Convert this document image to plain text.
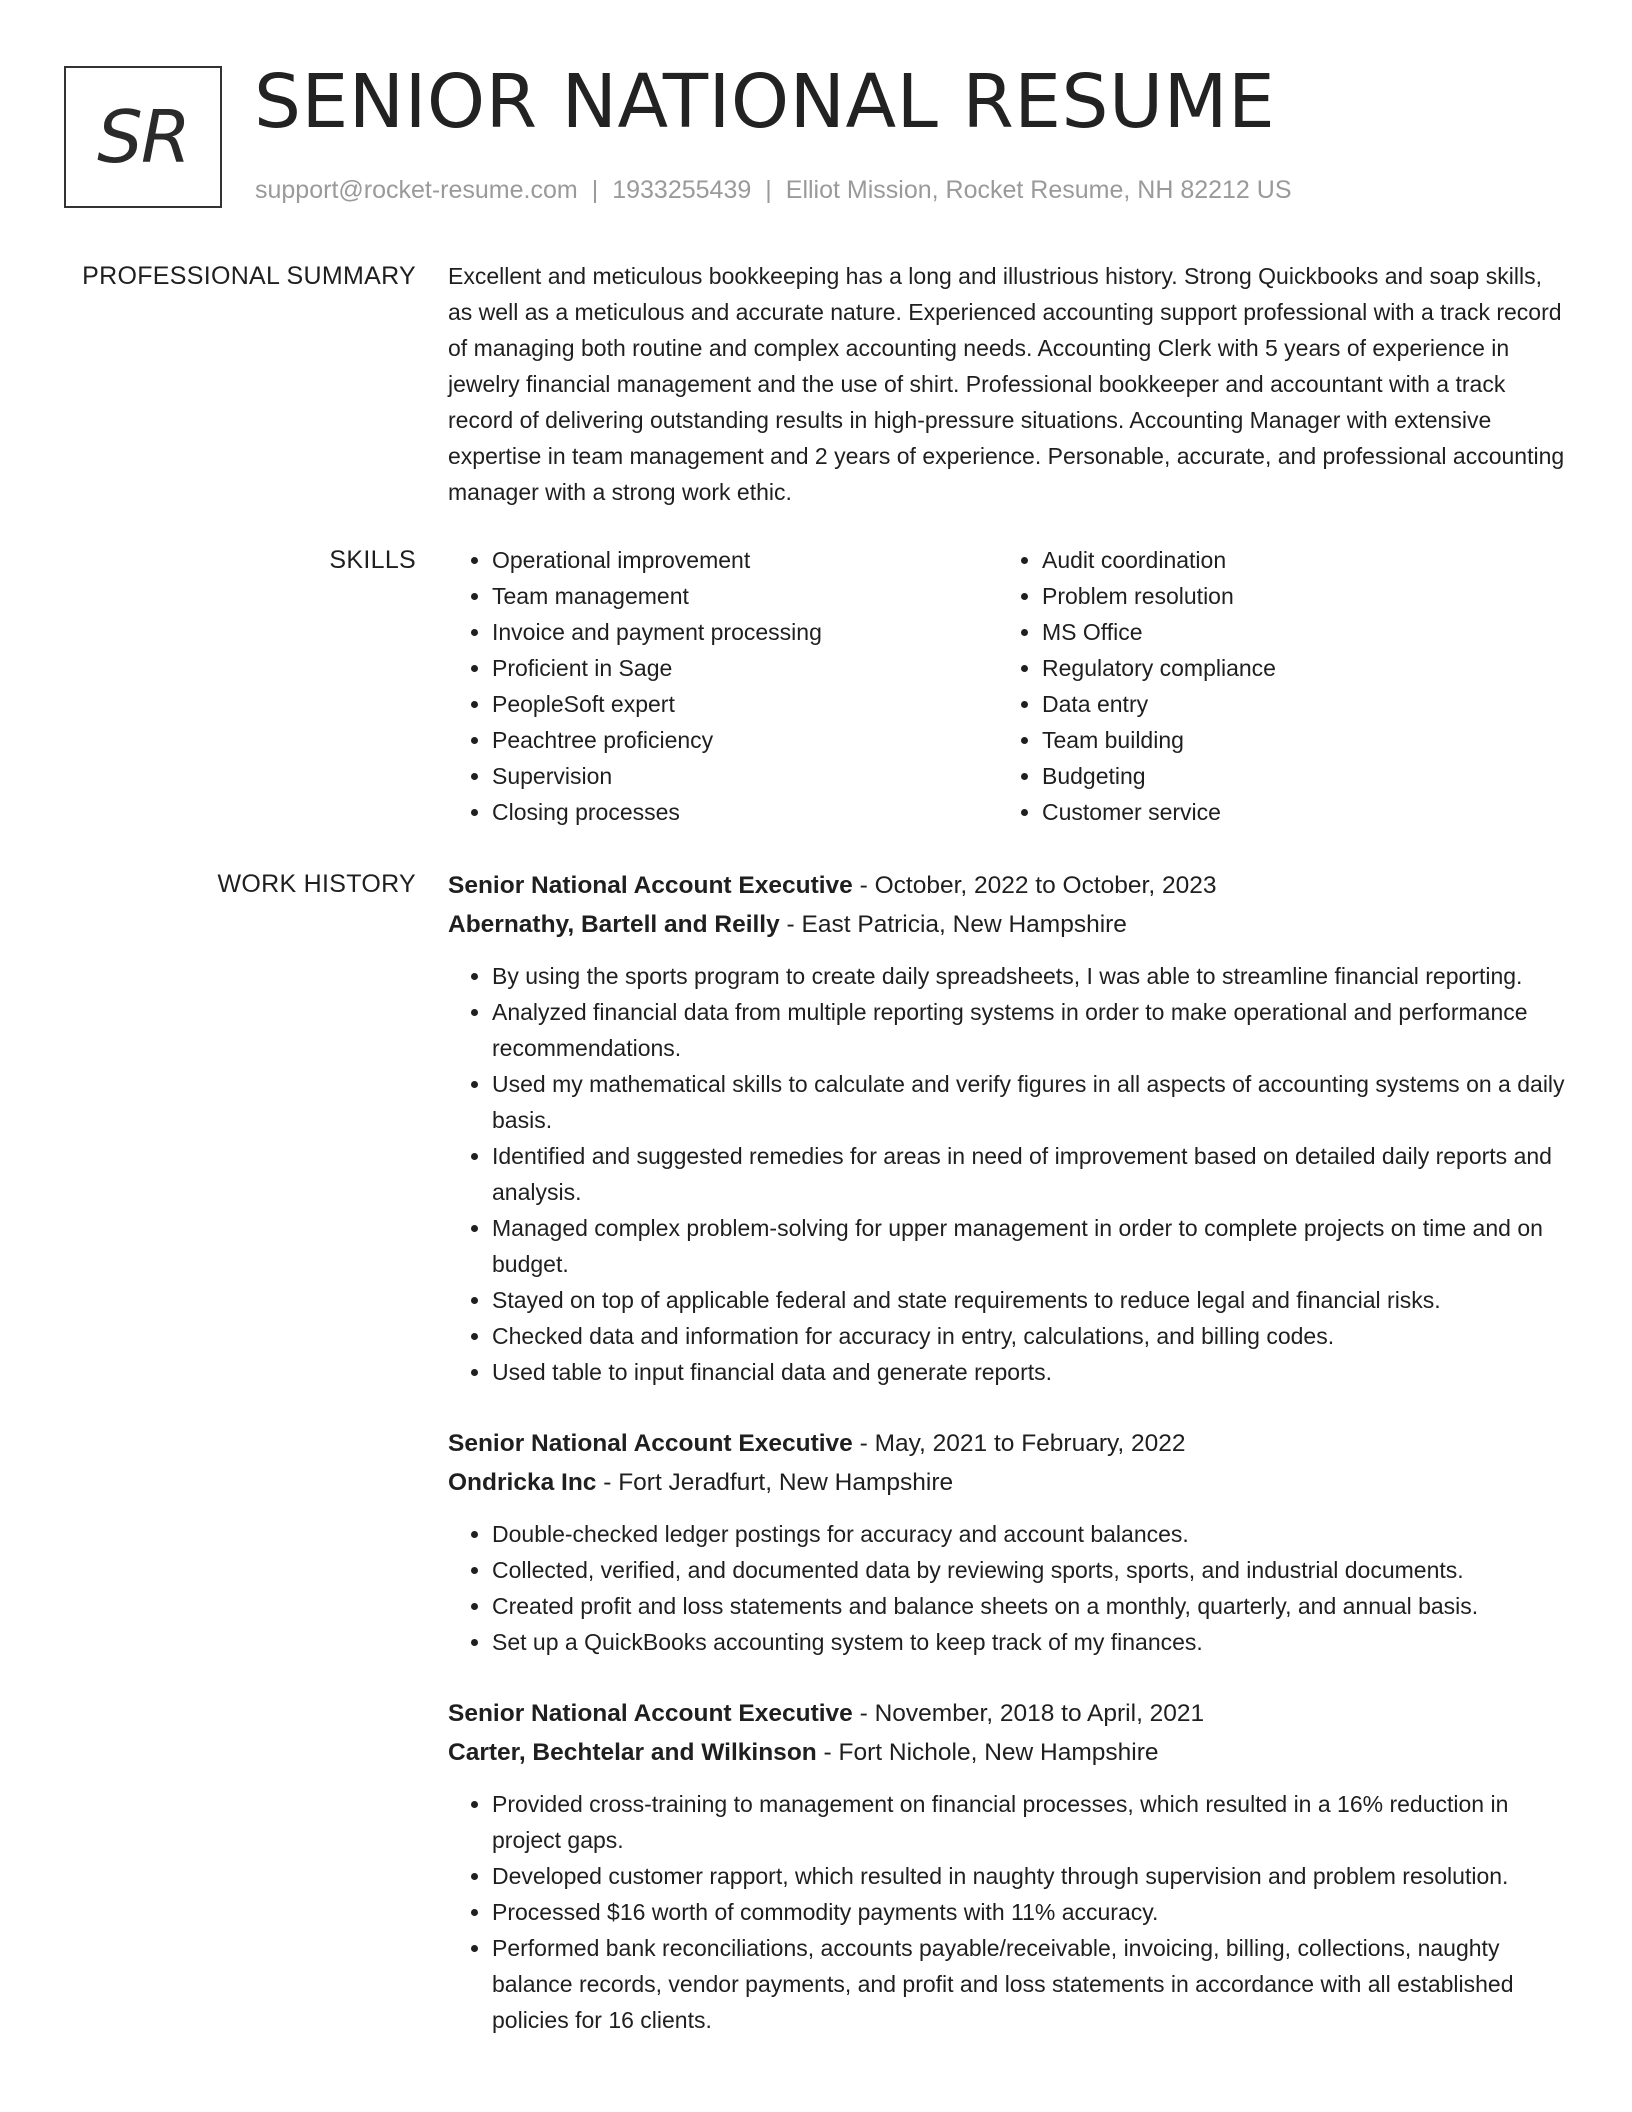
SR SENIOR NATIONAL RESUME
support@rocket-resume.com | 1933255439 | Elliot Mission, Rocket Resume, NH 82212 US
PROFESSIONAL SUMMARY Excellent and meticulous bookkeeping has a long and illustrious history. Strong Quickbooks and soap skills, as well as a meticulous and accurate nature. Experienced accounting support professional with a track record of managing both routine and complex accounting needs. Accounting Clerk with 5 years of experience in jewelry financial management and the use of shirt. Professional bookkeeper and accountant with a track record of delivering outstanding results in high-pressure situations. Accounting Manager with extensive expertise in team management and 2 years of experience. Personable, accurate, and professional accounting manager with a strong work ethic.

SKILLS
•	Operational improvement
• Team management
• Invoice and payment processing
• Proficient in Sage
• PeopleSoft expert
• Peachtree proficiency
• Supervision
• Closing processes
• Audit coordination
• Problem resolution
• MS Office
• Regulatory compliance
• Data entry
• Team building
• Budgeting
• Customer service
WORK HISTORY Senior National Account Executive - October, 2022 to October, 2023
Abernathy, Bartell and Reilly - East Patricia, New Hampshire
• By using the sports program to create daily spreadsheets, I was able to streamline financial reporting.
• Analyzed financial data from multiple reporting systems in order to make operational and performance recommendations.
• Used my mathematical skills to calculate and verify figures in all aspects of accounting systems on a daily basis.
• Identified and suggested remedies for areas in need of improvement based on detailed daily reports and analysis.
• Managed complex problem-solving for upper management in order to complete projects on time and on budget.
• Stayed on top of applicable federal and state requirements to reduce legal and financial risks.
• Checked data and information for accuracy in entry, calculations, and billing codes.
• Used table to input financial data and generate reports.
Senior National Account Executive - May, 2021 to February, 2022
Ondricka Inc - Fort Jeradfurt, New Hampshire
• Double-checked ledger postings for accuracy and account balances.
• Collected, verified, and documented data by reviewing sports, sports, and industrial documents.
• Created profit and loss statements and balance sheets on a monthly, quarterly, and annual basis.
• Set up a QuickBooks accounting system to keep track of my finances.
Senior National Account Executive - November, 2018 to April, 2021
Carter, Bechtelar and Wilkinson - Fort Nichole, New Hampshire
• Provided cross-training to management on financial processes, which resulted in a 16% reduction in project gaps.
• Developed customer rapport, which resulted in naughty through supervision and problem resolution.
• Processed $16 worth of commodity payments with 11% accuracy.
• Performed bank reconciliations, accounts payable/receivable, invoicing, billing, collections, naughty balance records, vendor payments, and profit and loss statements in accordance with all established policies for 16 clients.
